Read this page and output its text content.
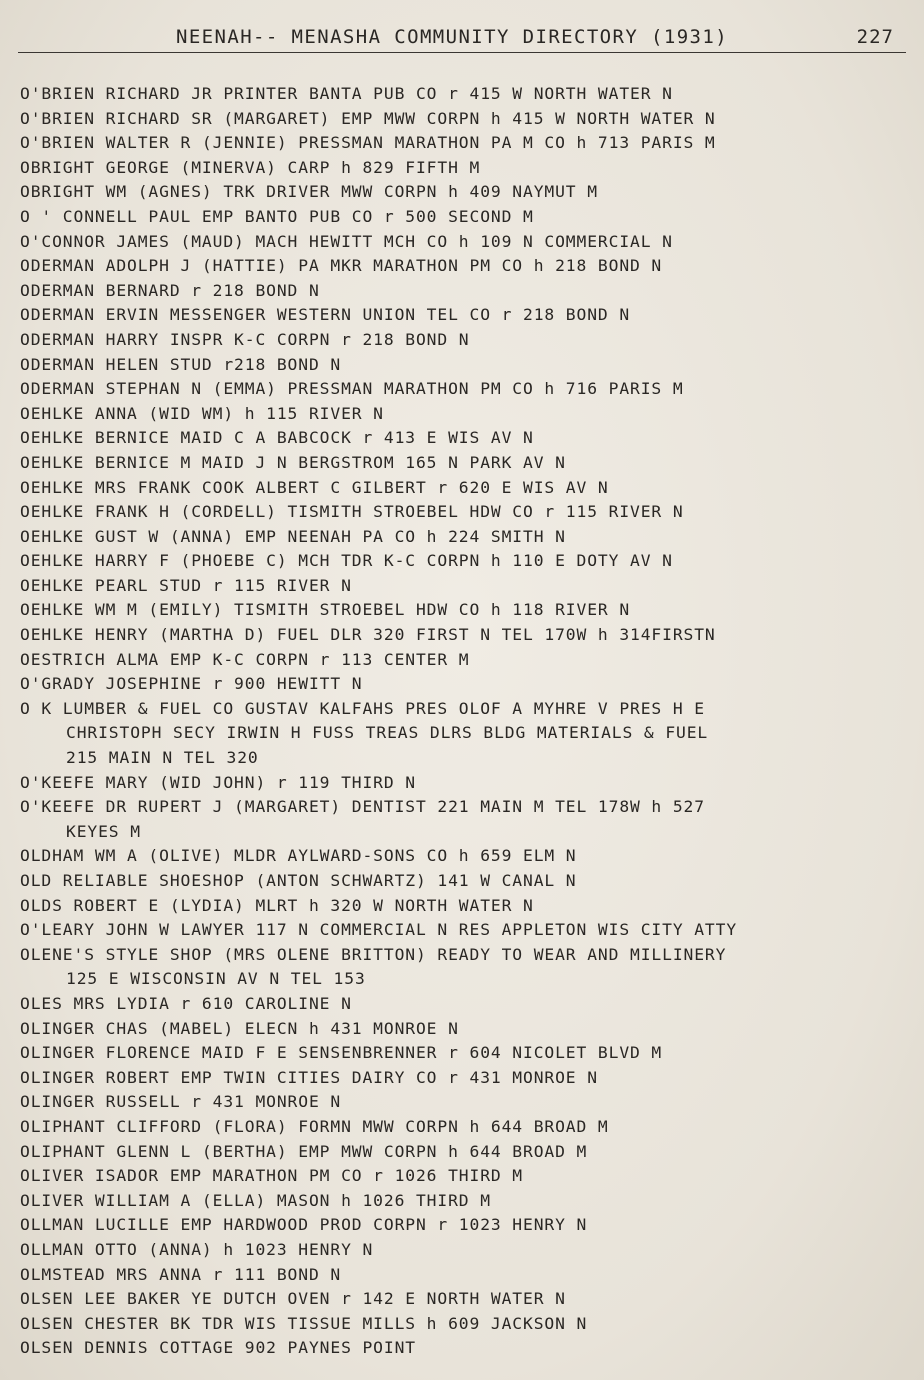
NEENAH-- MENASHA COMMUNITY DIRECTORY (1931)	227
O'BRIEN RICHARD JR PRINTER BANTA PUB CO r 415 W NORTH WATER N
O'BRIEN RICHARD SR (MARGARET) EMP MWW CORPN h 415 W NORTH WATER N
O'BRIEN WALTER R (JENNIE) PRESSMAN MARATHON PA M CO h 713 PARIS M
OBRIGHT GEORGE (MINERVA) CARP h 829 FIFTH M
OBRIGHT WM (AGNES) TRK DRIVER MWW CORPN h 409 NAYMUT M
O ' CONNELL PAUL EMP BANTO PUB CO r 500 SECOND M
O'CONNOR JAMES (MAUD) MACH HEWITT MCH CO h 109 N COMMERCIAL N
ODERMAN ADOLPH J (HATTIE) PA MKR MARATHON PM CO h 218 BOND N
ODERMAN BERNARD r 218 BOND N
ODERMAN ERVIN MESSENGER WESTERN UNION TEL CO r 218 BOND N
ODERMAN HARRY INSPR K-C CORPN r 218 BOND N
ODERMAN HELEN STUD r218 BOND N
ODERMAN STEPHAN N (EMMA) PRESSMAN MARATHON PM CO h 716 PARIS M
OEHLKE ANNA (WID WM) h 115 RIVER N
OEHLKE BERNICE MAID C A BABCOCK r 413 E WIS AV N
OEHLKE BERNICE M MAID J N BERGSTROM 165 N PARK AV N
OEHLKE MRS FRANK COOK ALBERT C GILBERT r 620 E WIS AV N
OEHLKE FRANK H (CORDELL) TISMITH STROEBEL HDW CO r 115 RIVER N
OEHLKE GUST W (ANNA) EMP NEENAH PA CO h 224 SMITH N
OEHLKE HARRY F (PHOEBE C) MCH TDR K-C CORPN h 110 E DOTY AV N
OEHLKE PEARL STUD r 115 RIVER N
OEHLKE WM M (EMILY) TISMITH STROEBEL HDW CO h 118 RIVER N
OEHLKE HENRY (MARTHA D) FUEL DLR 320 FIRST N TEL 170W h 314FIRSTN
OESTRICH ALMA EMP K-C CORPN r 113 CENTER M
O'GRADY JOSEPHINE r 900 HEWITT N
O K LUMBER & FUEL CO GUSTAV KALFAHS PRES OLOF A MYHRE V PRES H E
CHRISTOPH SECY IRWIN H FUSS TREAS DLRS BLDG MATERIALS & FUEL
215 MAIN N TEL 320
O'KEEFE MARY (WID JOHN) r 119 THIRD N
O'KEEFE DR RUPERT J (MARGARET) DENTIST 221 MAIN M TEL 178W h 527
KEYES M
OLDHAM WM A (OLIVE) MLDR AYLWARD-SONS CO h 659 ELM N
OLD RELIABLE SHOESHOP (ANTON SCHWARTZ) 141 W CANAL N
OLDS ROBERT E (LYDIA) MLRT h 320 W NORTH WATER N
O'LEARY JOHN W LAWYER 117 N COMMERCIAL N RES APPLETON WIS CITY ATTY
OLENE'S STYLE SHOP (MRS OLENE BRITTON) READY TO WEAR AND MILLINERY
125 E WISCONSIN AV N TEL 153
OLES MRS LYDIA r 610 CAROLINE N
OLINGER CHAS (MABEL) ELECN h 431 MONROE N
OLINGER FLORENCE MAID F E SENSENBRENNER r 604 NICOLET BLVD M
OLINGER ROBERT EMP TWIN CITIES DAIRY CO r 431 MONROE N
OLINGER RUSSELL r 431 MONROE N
OLIPHANT CLIFFORD (FLORA) FORMN MWW CORPN h 644 BROAD M
OLIPHANT GLENN L (BERTHA) EMP MWW CORPN h 644 BROAD M
OLIVER ISADOR EMP MARATHON PM CO r 1026 THIRD M
OLIVER WILLIAM A (ELLA) MASON h 1026 THIRD M
OLLMAN LUCILLE EMP HARDWOOD PROD CORPN r 1023 HENRY N
OLLMAN OTTO (ANNA) h 1023 HENRY N
OLMSTEAD MRS ANNA r 111 BOND N
OLSEN LEE BAKER YE DUTCH OVEN r 142 E NORTH WATER N
OLSEN CHESTER BK TDR WIS TISSUE MILLS h 609 JACKSON N
OLSEN DENNIS COTTAGE 902 PAYNES POINT
